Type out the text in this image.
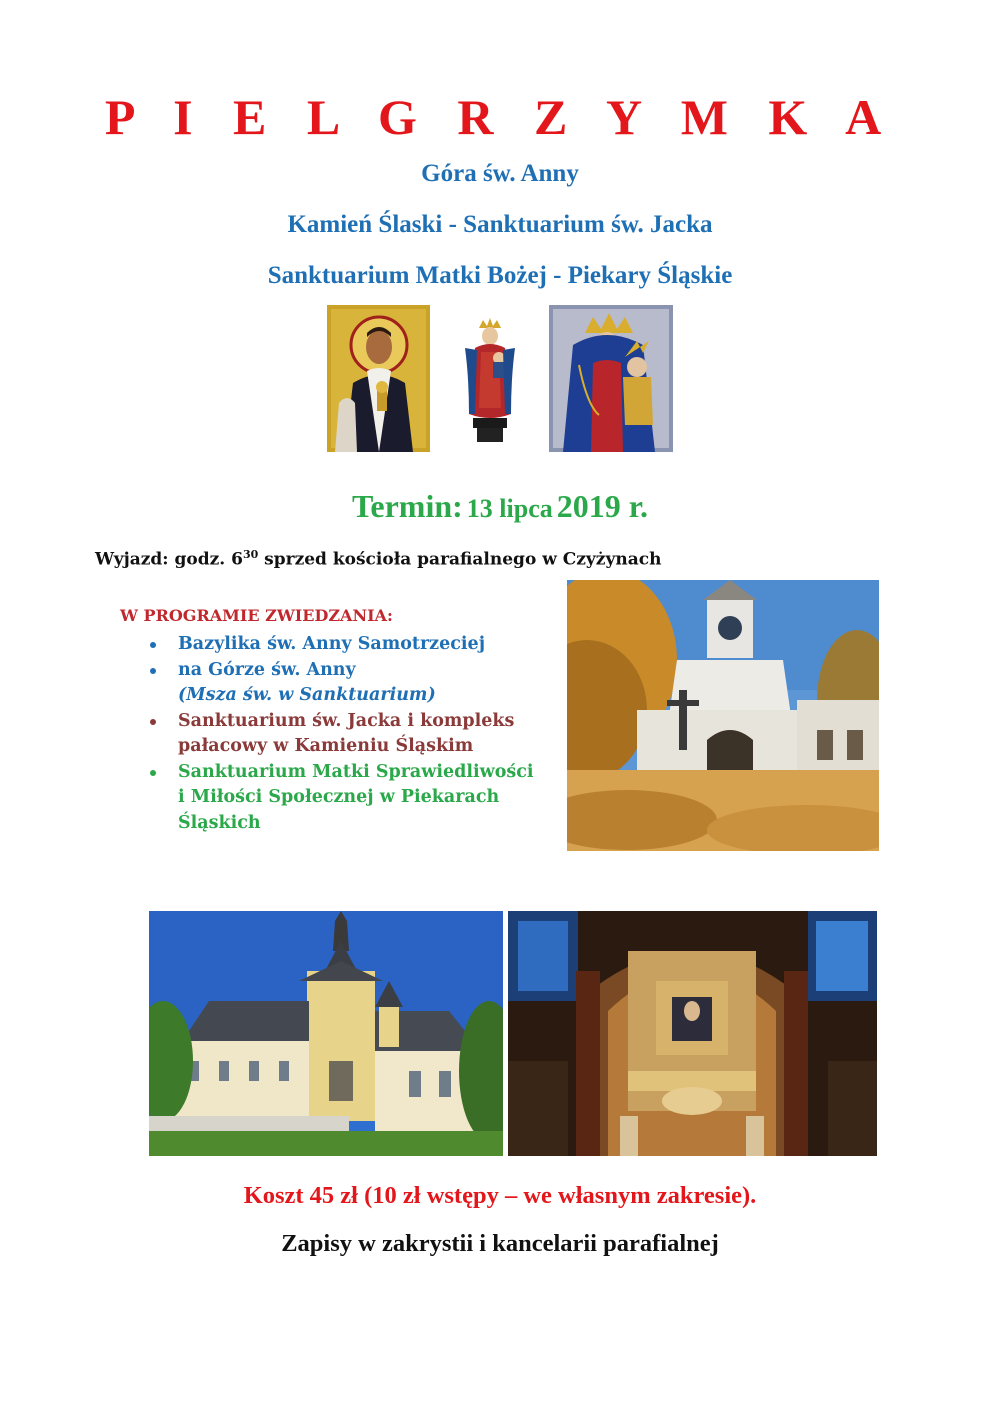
P I E L G R Z Y M K A
Góra św. Anny
Kamień Ślaski - Sanktuarium św. Jacka
Sanktuarium Matki Bożej - Piekary Śląskie
Termin: 13 lipca 2019 r.
Wyjazd: godz. $6^{30}$ sprzed kościoła parafialnego w Czyżynach
W PROGRAMIE ZWIEDZANIA:
Bazylika św. Anny Samotrzeciej
na Górze św. Anny
(Msza św. w Sanktuarium)
Sanktuarium św. Jacka i kompleks
pałacowy w Kamieniu Śląskim
Sanktuarium Matki Sprawiedliwości
i Miłości Społecznej w Piekarach
Śląskich
Koszt 45 zł (10 zł wstępy – we własnym zakresie).
Zapisy w zakrystii i kancelarii parafialnej
